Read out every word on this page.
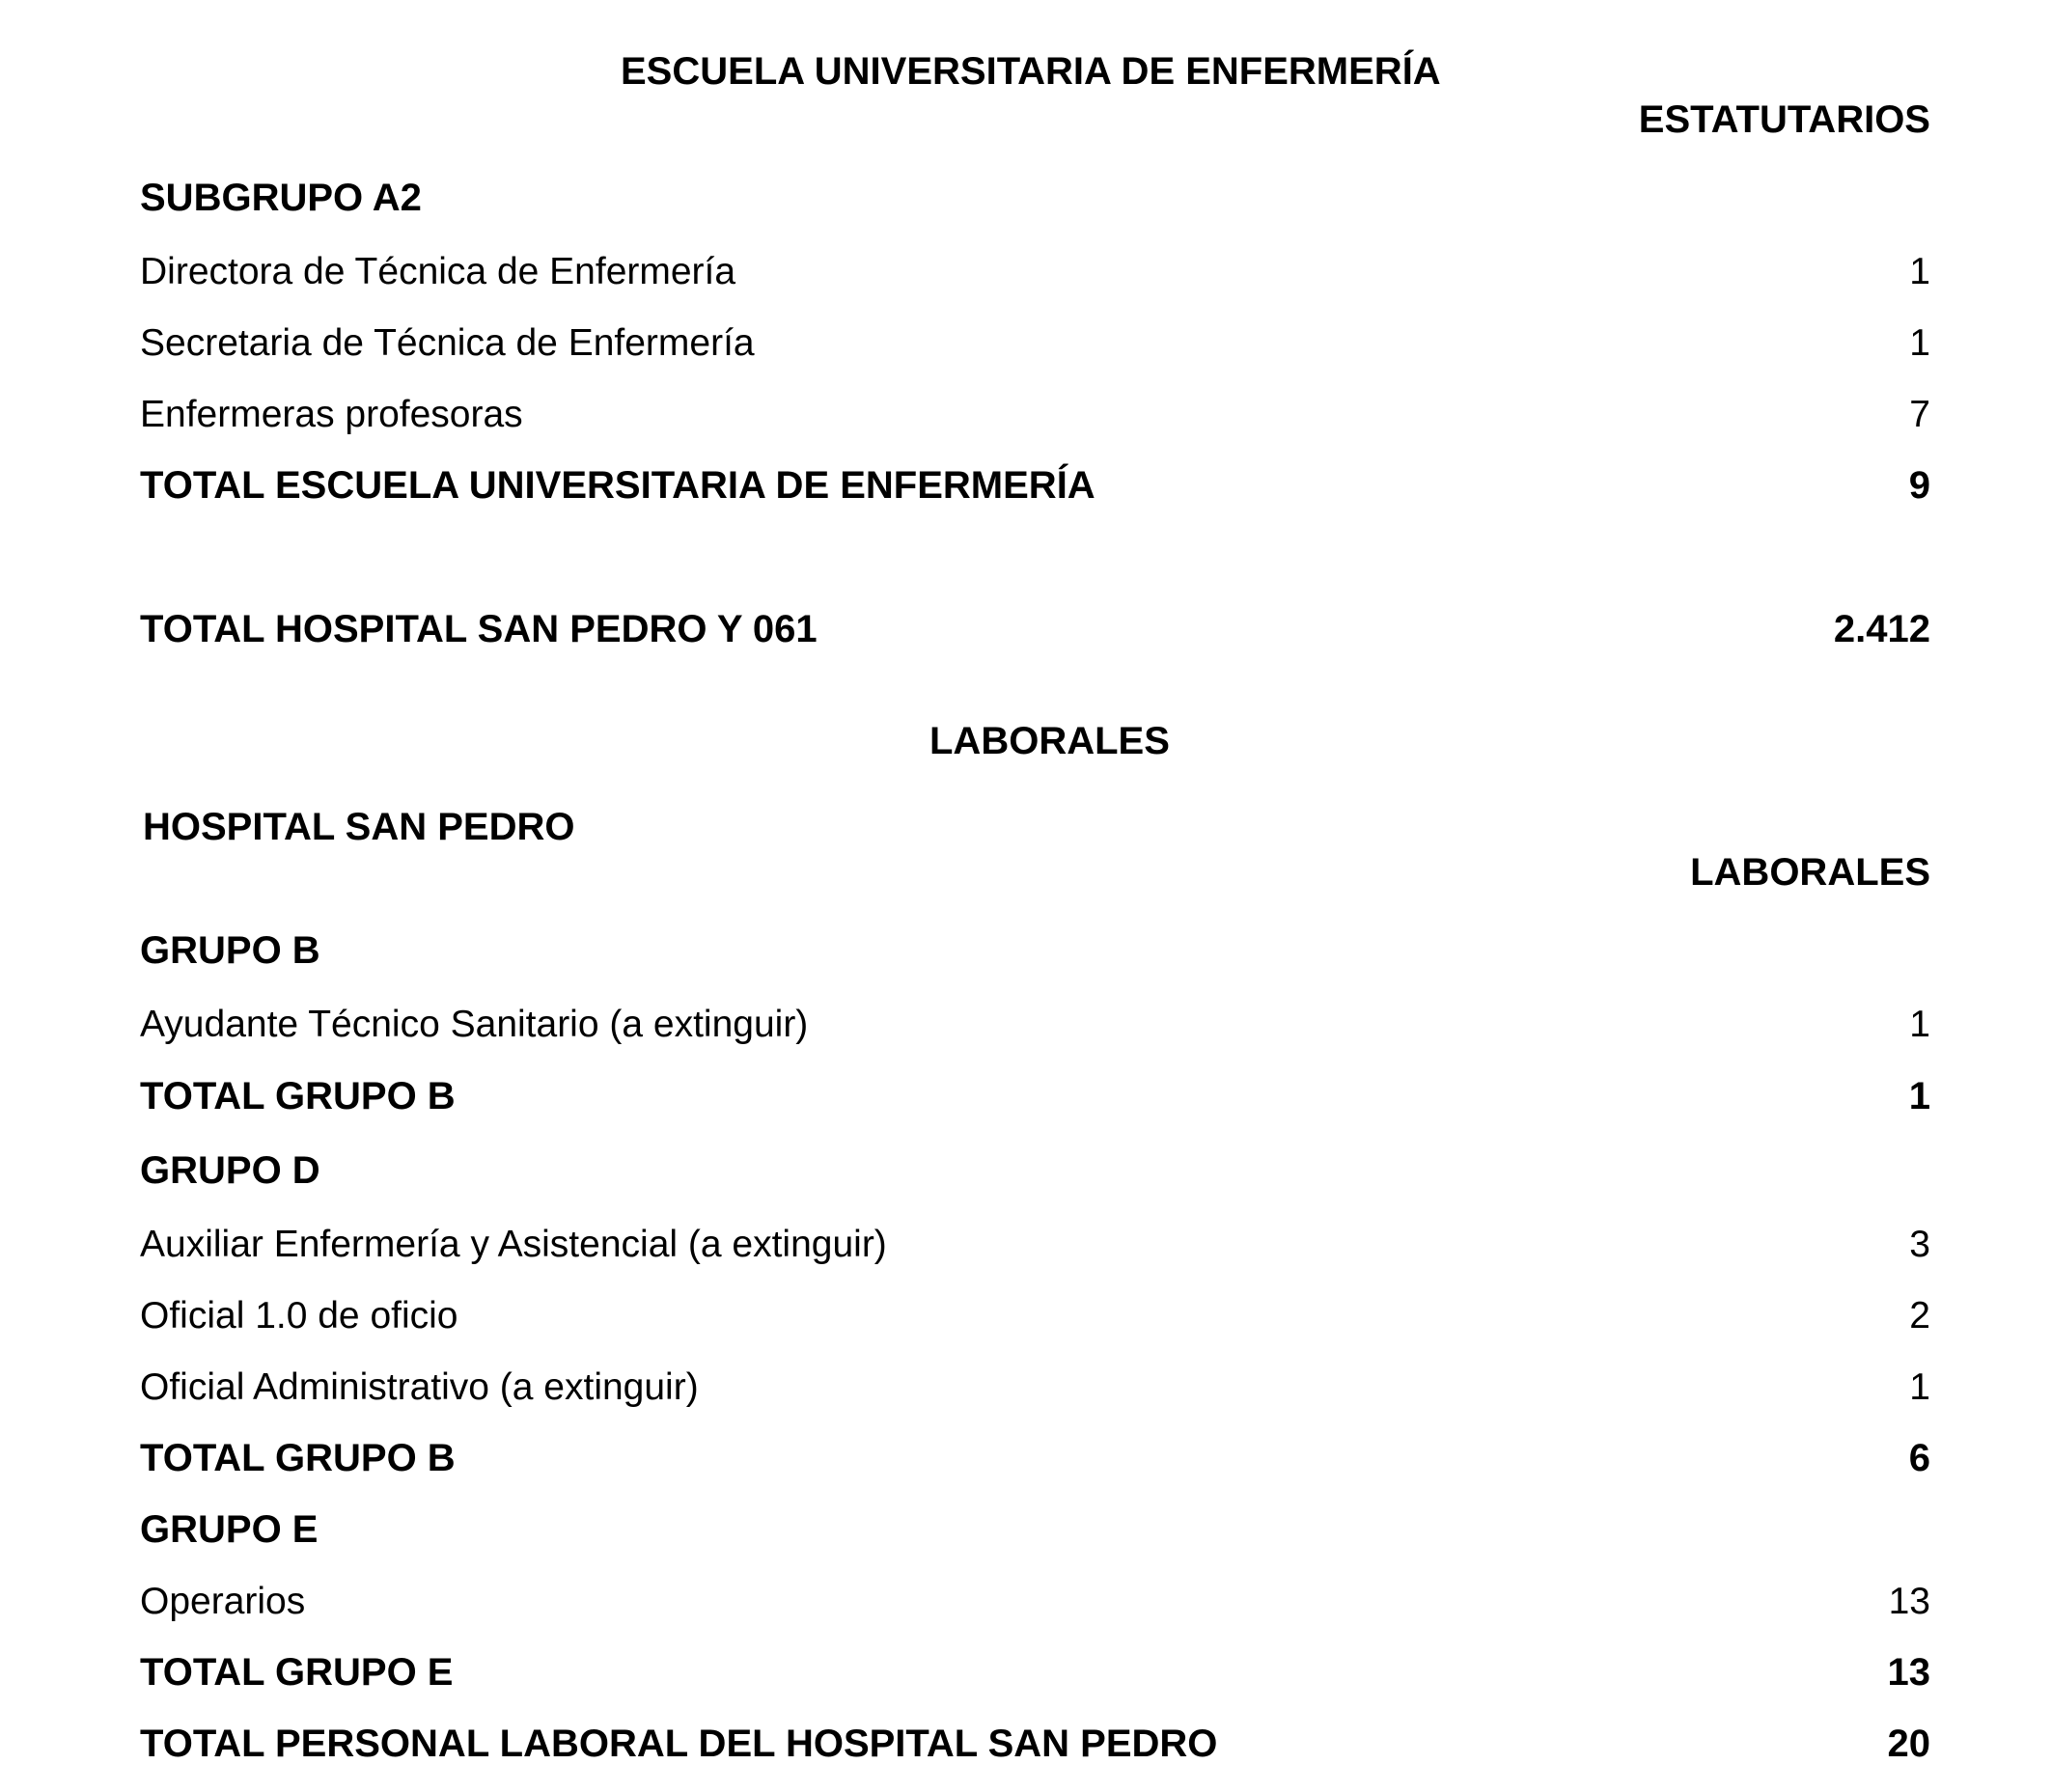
ESCUELA UNIVERSITARIA DE ENFERMERÍA
ESTATUTARIOS
SUBGRUPO A2
Directora de Técnica de Enfermería	1
Secretaria de Técnica de Enfermería	1
Enfermeras profesoras	7
TOTAL ESCUELA UNIVERSITARIA DE ENFERMERÍA	9
TOTAL HOSPITAL SAN PEDRO Y 061	2.412
LABORALES
HOSPITAL SAN PEDRO
LABORALES
GRUPO B
Ayudante Técnico Sanitario (a extinguir)	1
TOTAL GRUPO B	1
GRUPO D
Auxiliar Enfermería y Asistencial (a extinguir)	3
Oficial 1.0 de oficio	2
Oficial Administrativo (a extinguir)	1
TOTAL GRUPO B	6
GRUPO E
Operarios	13
TOTAL GRUPO E	13
TOTAL PERSONAL LABORAL DEL HOSPITAL SAN PEDRO	20
